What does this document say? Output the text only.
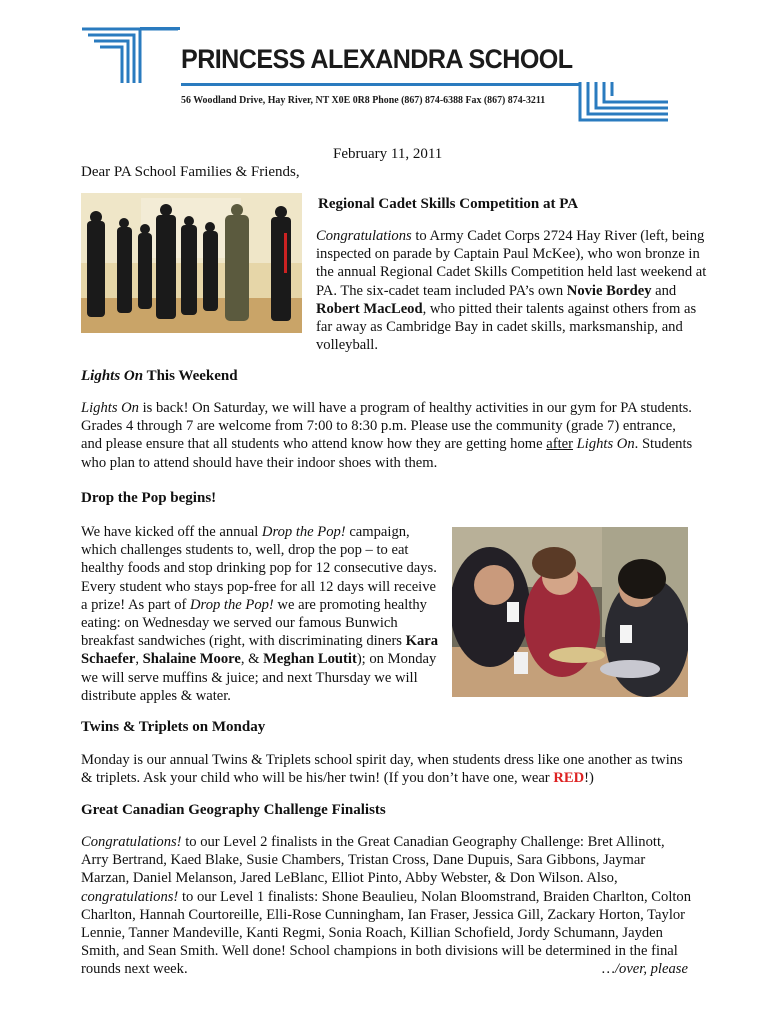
PRINCESS ALEXANDRA SCHOOL
56 Woodland Drive, Hay River, NT X0E 0R8 Phone (867) 874-6388 Fax (867) 874-3211
February 11, 2011
Dear PA School Families & Friends,
Regional Cadet Skills Competition at PA
Congratulations to Army Cadet Corps 2724 Hay River (left, being inspected on parade by Captain Paul McKee), who won bronze in the annual Regional Cadet Skills Competition held last weekend at PA. The six-cadet team included PA’s own Novie Bordey and Robert MacLeod, who pitted their talents against others from as far away as Cambridge Bay in cadet skills, marksmanship, and volleyball.
Lights On This Weekend
Lights On is back! On Saturday, we will have a program of healthy activities in our gym for PA students. Grades 4 through 7 are welcome from 7:00 to 8:30 p.m. Please use the community (grade 7) entrance, and please ensure that all students who attend know how they are getting home after Lights On. Students who plan to attend should have their indoor shoes with them.
Drop the Pop begins!
We have kicked off the annual Drop the Pop! campaign, which challenges students to, well, drop the pop – to eat healthy foods and stop drinking pop for 12 consecutive days. Every student who stays pop-free for all 12 days will receive a prize! As part of Drop the Pop! we are promoting healthy eating: on Wednesday we served our famous Bunwich breakfast sandwiches (right, with discriminating diners Kara Schaefer, Shalaine Moore, & Meghan Loutit); on Monday we will serve muffins & juice; and next Thursday we will distribute apples & water.
Twins & Triplets on Monday
Monday is our annual Twins & Triplets school spirit day, when students dress like one another as twins & triplets. Ask your child who will be his/her twin! (If you don’t have one, wear RED!)
Great Canadian Geography Challenge Finalists
Congratulations! to our Level 2 finalists in the Great Canadian Geography Challenge: Bret Allinott, Arry Bertrand, Kaed Blake, Susie Chambers, Tristan Cross, Dane Dupuis, Sara Gibbons, Jaymar Marzan, Daniel Melanson, Jared LeBlanc, Elliot Pinto, Abby Webster, & Don Wilson. Also, congratulations! to our Level 1 finalists: Shone Beaulieu, Nolan Bloomstrand, Braiden Charlton, Colton Charlton, Hannah Courtoreille, Elli-Rose Cunningham, Ian Fraser, Jessica Gill, Zackary Horton, Taylor Lennie, Tanner Mandeville, Kanti Regmi, Sonia Roach, Killian Schofield, Jordy Schumann, Jayden Smith, and Sean Smith. Well done! School champions in both divisions will be determined in the final rounds next week.	…/over, please
